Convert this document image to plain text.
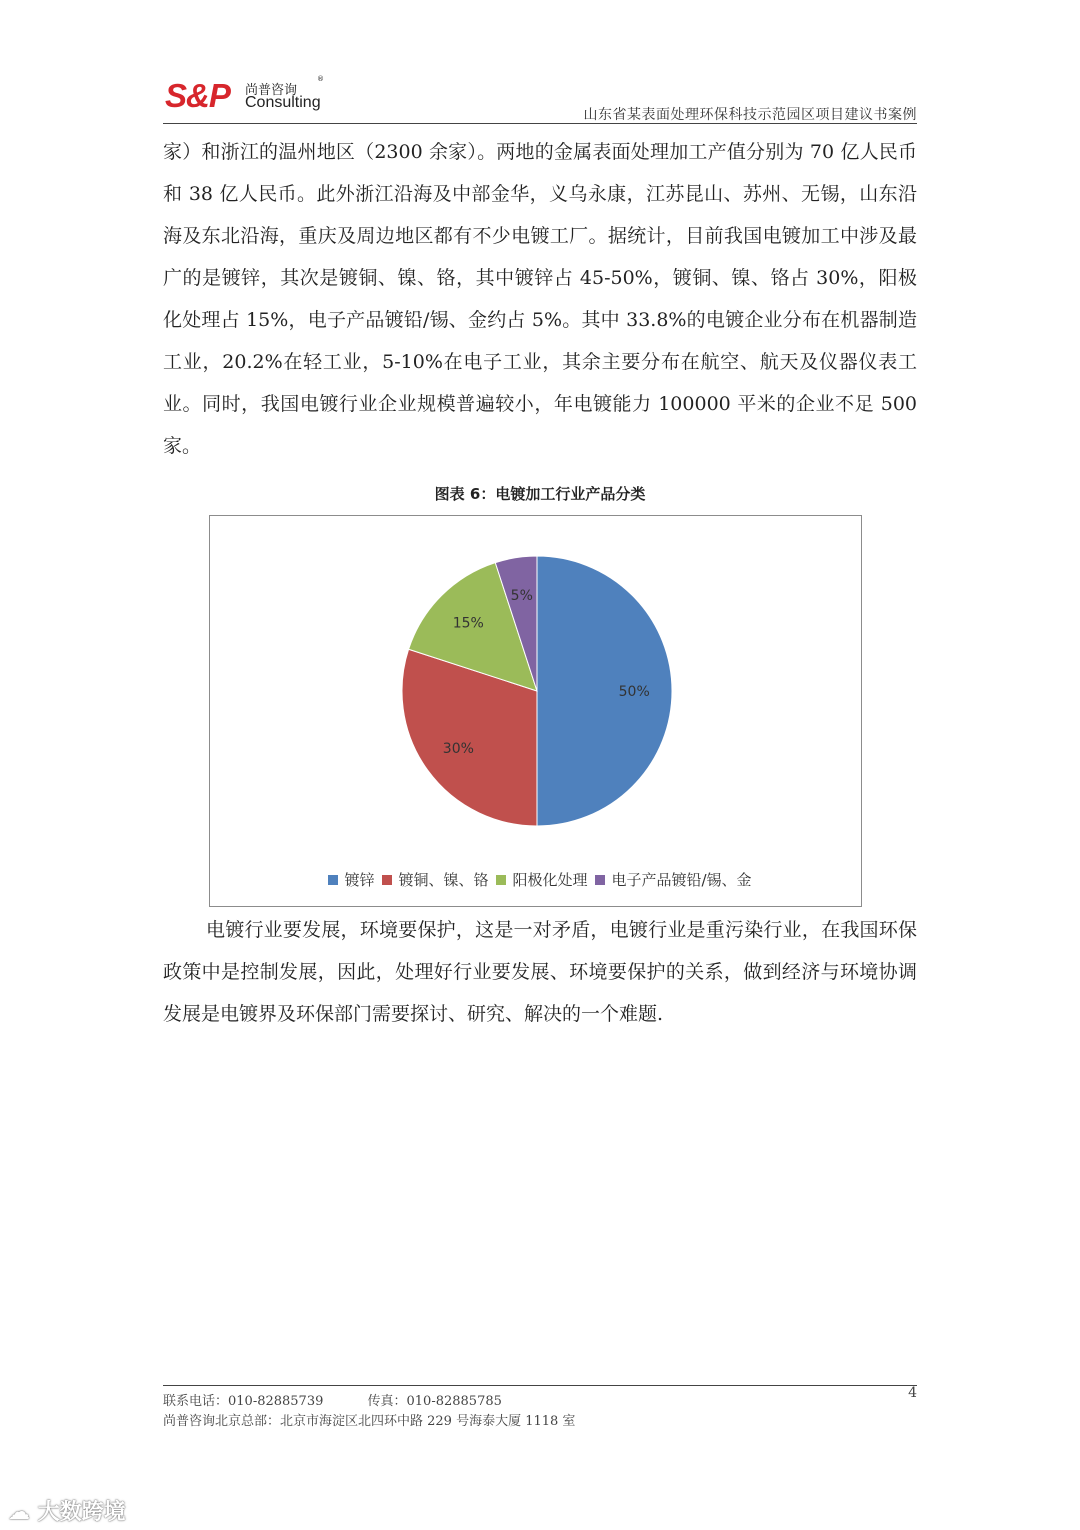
S&P 尚普咨询
®
Consulting
山东省某表面处理环保科技示范园区项目建议书案例

家）和浙江的温州地区（2300 余家）。两地的金属表面处理加工产值分别为 70 亿人民币和 38 亿人民币。此外浙江沿海及中部金华，义乌永康，江苏昆山、苏州、无锡，山东沿海及东北沿海，重庆及周边地区都有不少电镀工厂。据统计，目前我国电镀加工中涉及最广的是镀锌，其次是镀铜、镍、铬，其中镀锌占 45-50%，镀铜、镍、铬占 30%，阳极化处理占 15%，电子产品镀铅/锡、金约占 5%。其中 33.8%的电镀企业分布在机器制造工业，20.2%在轻工业，5-10%在电子工业，其余主要分布在航空、航天及仪器仪表工业。同时，我国电镀行业企业规模普遍较小，年电镀能力 100000 平米的企业不足 500 家。

图表 6：电镀加工行业产品分类
50%
30%
15%
5%
镀锌 镀铜、镍、铬 阳极化处理 电子产品镀铅/锡、金

电镀行业要发展，环境要保护，这是一对矛盾，电镀行业是重污染行业，在我国环保政策中是控制发展，因此，处理好行业要发展、环境要保护的关系，做到经济与环境协调发展是电镀界及环保部门需要探讨、研究、解决的一个难题.

联系电话：010-82885739	传真：010-82885785
4
尚普咨询北京总部：北京市海淀区北四环中路 229 号海泰大厦 1118 室
☁ 大数跨境
